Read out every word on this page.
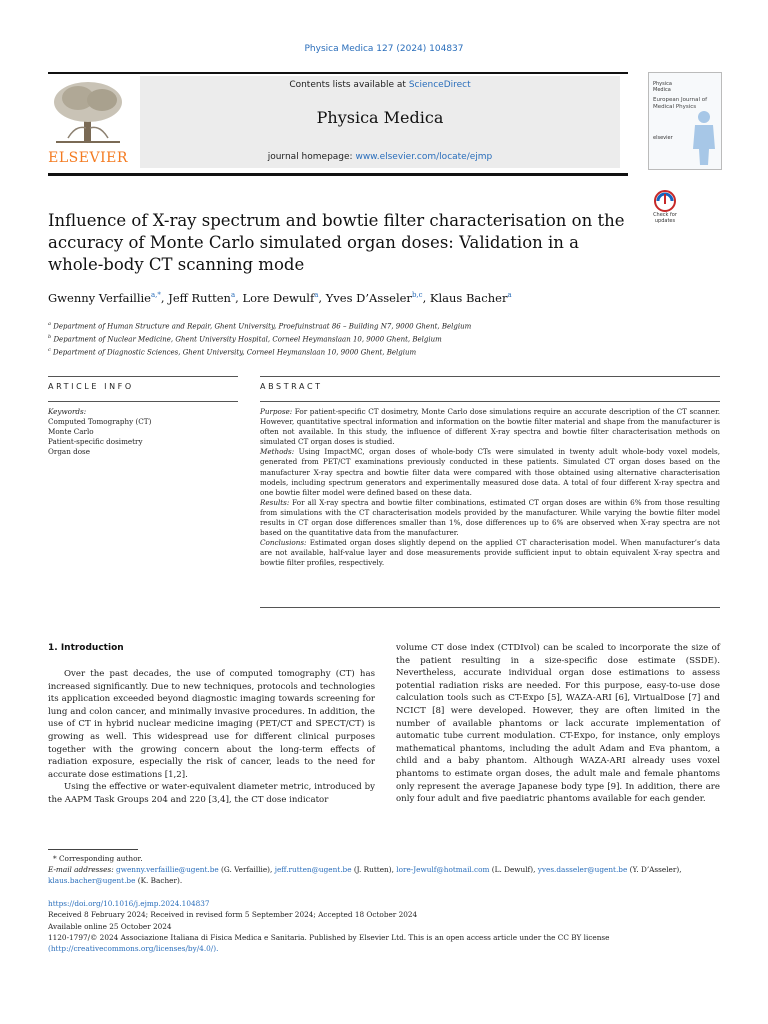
Physica Medica 127 (2024) 104837
ELSEVIER
Contents lists available at ScienceDirect
Physica Medica
journal homepage: www.elsevier.com/locate/ejmp
Physica
Medica
European Journal of Medical Physics
elsevier
Check for updates
Influence of X-ray spectrum and bowtie filter characterisation on the accuracy of Monte Carlo simulated organ doses: Validation in a whole-body CT scanning mode
Gwenny Verfaillie$^{a,*}$, Jeff Rutten$^a$, Lore Dewulf$^a$, Yves D’Asseler$^{b,c}$, Klaus Bacher$^a$
$^a$ Department of Human Structure and Repair, Ghent University, Proefuinstraat 86 – Building N7, 9000 Ghent, Belgium
$^b$ Department of Nuclear Medicine, Ghent University Hospital, Corneel Heymanslaan 10, 9000 Ghent, Belgium
$^c$ Department of Diagnostic Sciences, Ghent University, Corneel Heymanslaan 10, 9000 Ghent, Belgium
ARTICLE INFO	ABSTRACT
Keywords:
Computed Tomography (CT)
Monte Carlo
Patient-specific dosimetry
Organ dose
Purpose: For patient-specific CT dosimetry, Monte Carlo dose simulations require an accurate description of the CT scanner. However, quantitative spectral information and information on the bowtie filter material and shape from the manufacturer is often not available. In this study, the influence of different X-ray spectra and bowtie filter characterisation methods on simulated CT organ doses is studied.
Methods: Using ImpactMC, organ doses of whole-body CTs were simulated in twenty adult whole-body voxel models, generated from PET/CT examinations previously conducted in these patients. Simulated CT organ doses based on the manufacturer X-ray spectra and bowtie filter data were compared with those obtained using alternative characterisation models, including spectrum generators and experimentally measured dose data. A total of four different X-ray spectra and one bowtie filter model were defined based on these data.
Results: For all X-ray spectra and bowtie filter combinations, estimated CT organ doses are within 6% from those resulting from simulations with the CT characterisation models provided by the manufacturer. While varying the bowtie filter model results in CT organ dose differences smaller than 1%, dose differences up to 6% are observed when X-ray spectra are not based on the quantitative data from the manufacturer.
Conclusions: Estimated organ doses slightly depend on the applied CT characterisation model. When manufacturer’s data are not available, half-value layer and dose measurements provide sufficient input to obtain equivalent X-ray spectra and bowtie filter profiles, respectively.
1. Introduction

Over the past decades, the use of computed tomography (CT) has increased significantly. Due to new techniques, protocols and technologies its application exceeded beyond diagnostic imaging towards screening for lung and colon cancer, and minimally invasive procedures. In addition, the use of CT in hybrid nuclear medicine imaging (PET/CT and SPECT/CT) is growing as well. This widespread use for different clinical purposes together with the growing concern about the long-term effects of radiation exposure, especially the risk of cancer, leads to the need for accurate dose estimations [1,2].

Using the effective or water-equivalent diameter metric, introduced by the AAPM Task Groups 204 and 220 [3,4], the CT dose indicator

volume CT dose index (CTDIvol) can be scaled to incorporate the size of the patient resulting in a size-specific dose estimate (SSDE). Nevertheless, accurate individual organ dose estimations to assess potential radiation risks are needed. For this purpose, easy-to-use dose calculation tools such as CT-Expo [5], WAZA-ARI [6], VirtualDose [7] and NCICT [8] were developed. However, they are often limited in the number of available phantoms or lack accurate implementation of automatic tube current modulation. CT-Expo, for instance, only employs mathematical phantoms, including the adult Adam and Eva phantom, a child and a baby phantom. Although WAZA-ARI already uses voxel phantoms to estimate organ doses, the adult male and female phantoms only represent the average Japanese body type [9]. In addition, there are only four adult and five paediatric phantoms available for each gender.
* Corresponding author.
E-mail addresses: gwenny.verfaillie@ugent.be (G. Verfaillie), jeff.rutten@ugent.be (J. Rutten), lore-Jewulf@hotmail.com (L. Dewulf), yves.dasseler@ugent.be (Y. D’Asseler), klaus.bacher@ugent.be (K. Bacher).
https://doi.org/10.1016/j.ejmp.2024.104837
Received 8 February 2024; Received in revised form 5 September 2024; Accepted 18 October 2024
Available online 25 October 2024
1120-1797/© 2024 Associazione Italiana di Fisica Medica e Sanitaria. Published by Elsevier Ltd. This is an open access article under the CC BY license
(http://creativecommons.org/licenses/by/4.0/).
